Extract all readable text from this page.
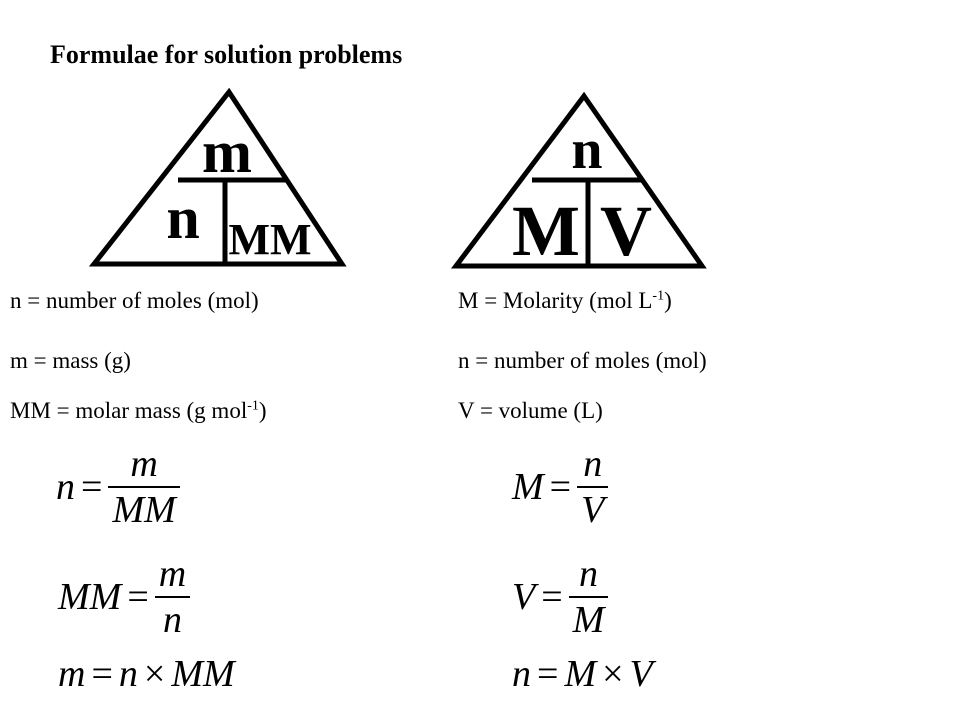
Formulae for solution problems
m
n MM
n
M V
n = number of moles (mol)
m = mass (g)
MM = molar mass (g mol$^{-1}$)
M = Molarity (mol $L^{-1}$)
n = number of moles (mol)
V = volume (L)
$n = \frac{m}{MM}$
MM = $\frac{m}{n}$
m = n × MM
$M = \frac{n}{V}$
$V = \frac{n}{M}$
n = M × V
